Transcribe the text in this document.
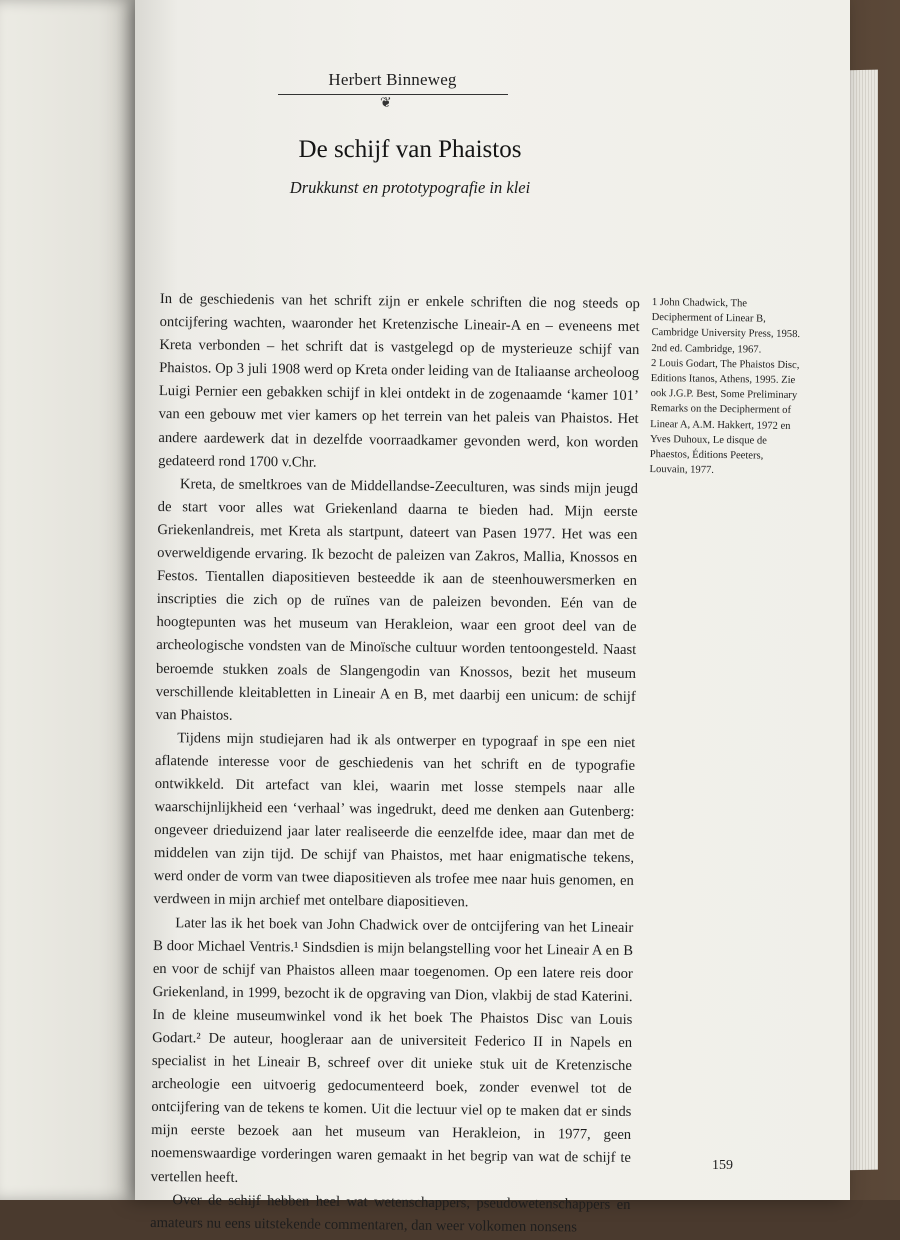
Herbert Binneweg
❦
De schijf van Phaistos
Drukkunst en prototypografie in klei

In de geschiedenis van het schrift zijn er enkele schriften die nog steeds op ontcijfering wachten, waaronder het Kretenzische Lineair-A en – eveneens met Kreta verbonden – het schrift dat is vastgelegd op de mysterieuze schijf van Phaistos. Op 3 juli 1908 werd op Kreta onder leiding van de Italiaanse archeoloog Luigi Pernier een gebakken schijf in klei ontdekt in de zogenaamde ‘kamer 101’ van een gebouw met vier kamers op het terrein van het paleis van Phaistos. Het andere aardewerk dat in dezelfde voorraadkamer gevonden werd, kon worden gedateerd rond 1700 v.Chr.

Kreta, de smeltkroes van de Middellandse-Zeeculturen, was sinds mijn jeugd de start voor alles wat Griekenland daarna te bieden had. Mijn eerste Griekenlandreis, met Kreta als startpunt, dateert van Pasen 1977. Het was een overweldigende ervaring. Ik bezocht de paleizen van Zakros, Mallia, Knossos en Festos. Tientallen diapositieven besteedde ik aan de steenhouwersmerken en inscripties die zich op de ruïnes van de paleizen bevonden. Eén van de hoogtepunten was het museum van Herakleion, waar een groot deel van de archeologische vondsten van de Minoïsche cultuur worden tentoongesteld. Naast beroemde stukken zoals de Slangengodin van Knossos, bezit het museum verschillende kleitabletten in Lineair A en B, met daarbij een unicum: de schijf van Phaistos.

Tijdens mijn studiejaren had ik als ontwerper en typograaf in spe een niet aflatende interesse voor de geschiedenis van het schrift en de typografie ontwikkeld. Dit artefact van klei, waarin met losse stempels naar alle waarschijnlijkheid een ‘verhaal’ was ingedrukt, deed me denken aan Gutenberg: ongeveer drieduizend jaar later realiseerde die eenzelfde idee, maar dan met de middelen van zijn tijd. De schijf van Phaistos, met haar enigmatische tekens, werd onder de vorm van twee diapositieven als trofee mee naar huis genomen, en verdween in mijn archief met ontelbare diapositieven.

Later las ik het boek van John Chadwick over de ontcijfering van het Lineair B door Michael Ventris.¹ Sindsdien is mijn belangstelling voor het Lineair A en B en voor de schijf van Phaistos alleen maar toegenomen. Op een latere reis door Griekenland, in 1999, bezocht ik de opgraving van Dion, vlakbij de stad Katerini. In de kleine museumwinkel vond ik het boek The Phaistos Disc van Louis Godart.² De auteur, hoogleraar aan de universiteit Federico II in Napels en specialist in het Lineair B, schreef over dit unieke stuk uit de Kretenzische archeologie een uitvoerig gedocumenteerd boek, zonder evenwel tot de ontcijfering van de tekens te komen. Uit die lectuur viel op te maken dat er sinds mijn eerste bezoek aan het museum van Herakleion, in 1977, geen noemenswaardige vorderingen waren gemaakt in het begrip van wat de schijf te vertellen heeft.

Over de schijf hebben heel wat wetenschappers, pseudowetenschappers en amateurs nu eens uitstekende commentaren, dan weer volkomen nonsens

1 John Chadwick, The Decipherment of Linear B, Cambridge University Press, 1958. 2nd ed. Cambridge, 1967.

2 Louis Godart, The Phaistos Disc, Editions Itanos, Athens, 1995. Zie ook J.G.P. Best, Some Preliminary Remarks on the Decipherment of Linear A, A.M. Hakkert, 1972 en Yves Duhoux, Le disque de Phaestos, Éditions Peeters, Louvain, 1977.

159
